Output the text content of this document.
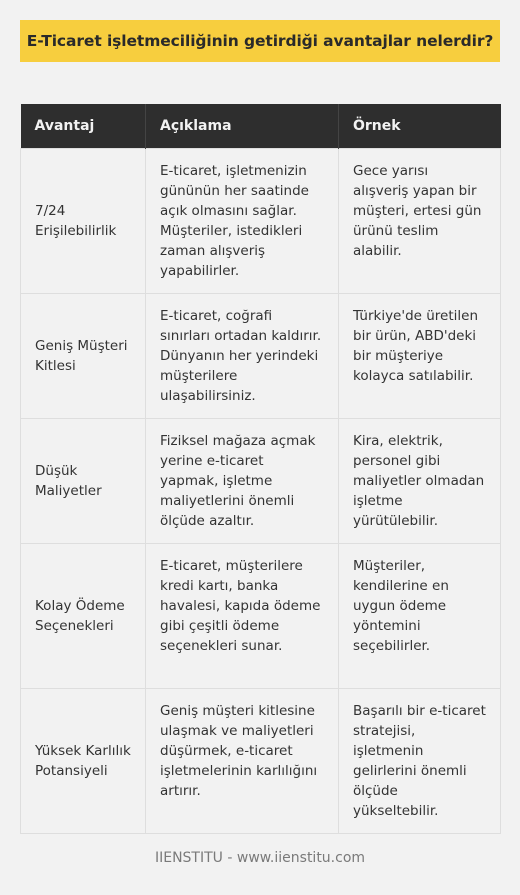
E-Ticaret işletmeciliğinin getirdiği avantajlar nelerdir?
Avantaj	Açıklama	Örnek
7/24 Erişilebilirlik	E-ticaret, işletmenizin gününün her saatinde açık olmasını sağlar. Müşteriler, istedikleri zaman alışveriş yapabilirler.	Gece yarısı alışveriş yapan bir müşteri, ertesi gün ürünü teslim alabilir.
Geniş Müşteri Kitlesi	E-ticaret, coğrafi sınırları ortadan kaldırır. Dünyanın her yerindeki müşterilere ulaşabilirsiniz.	Türkiye'de üretilen bir ürün, ABD'deki bir müşteriye kolayca satılabilir.
Düşük Maliyetler	Fiziksel mağaza açmak yerine e-ticaret yapmak, işletme maliyetlerini önemli ölçüde azaltır.	Kira, elektrik, personel gibi maliyetler olmadan işletme yürütülebilir.
Kolay Ödeme Seçenekleri	E-ticaret, müşterilere kredi kartı, banka havalesi, kapıda ödeme gibi çeşitli ödeme seçenekleri sunar.	Müşteriler, kendilerine en uygun ödeme yöntemini seçebilirler.
Yüksek Karlılık Potansiyeli	Geniş müşteri kitlesine ulaşmak ve maliyetleri düşürmek, e-ticaret işletmelerinin karlılığını artırır.	Başarılı bir e-ticaret stratejisi, işletmenin gelirlerini önemli ölçüde yükseltebilir.
IIENSTITU - www.iienstitu.com
